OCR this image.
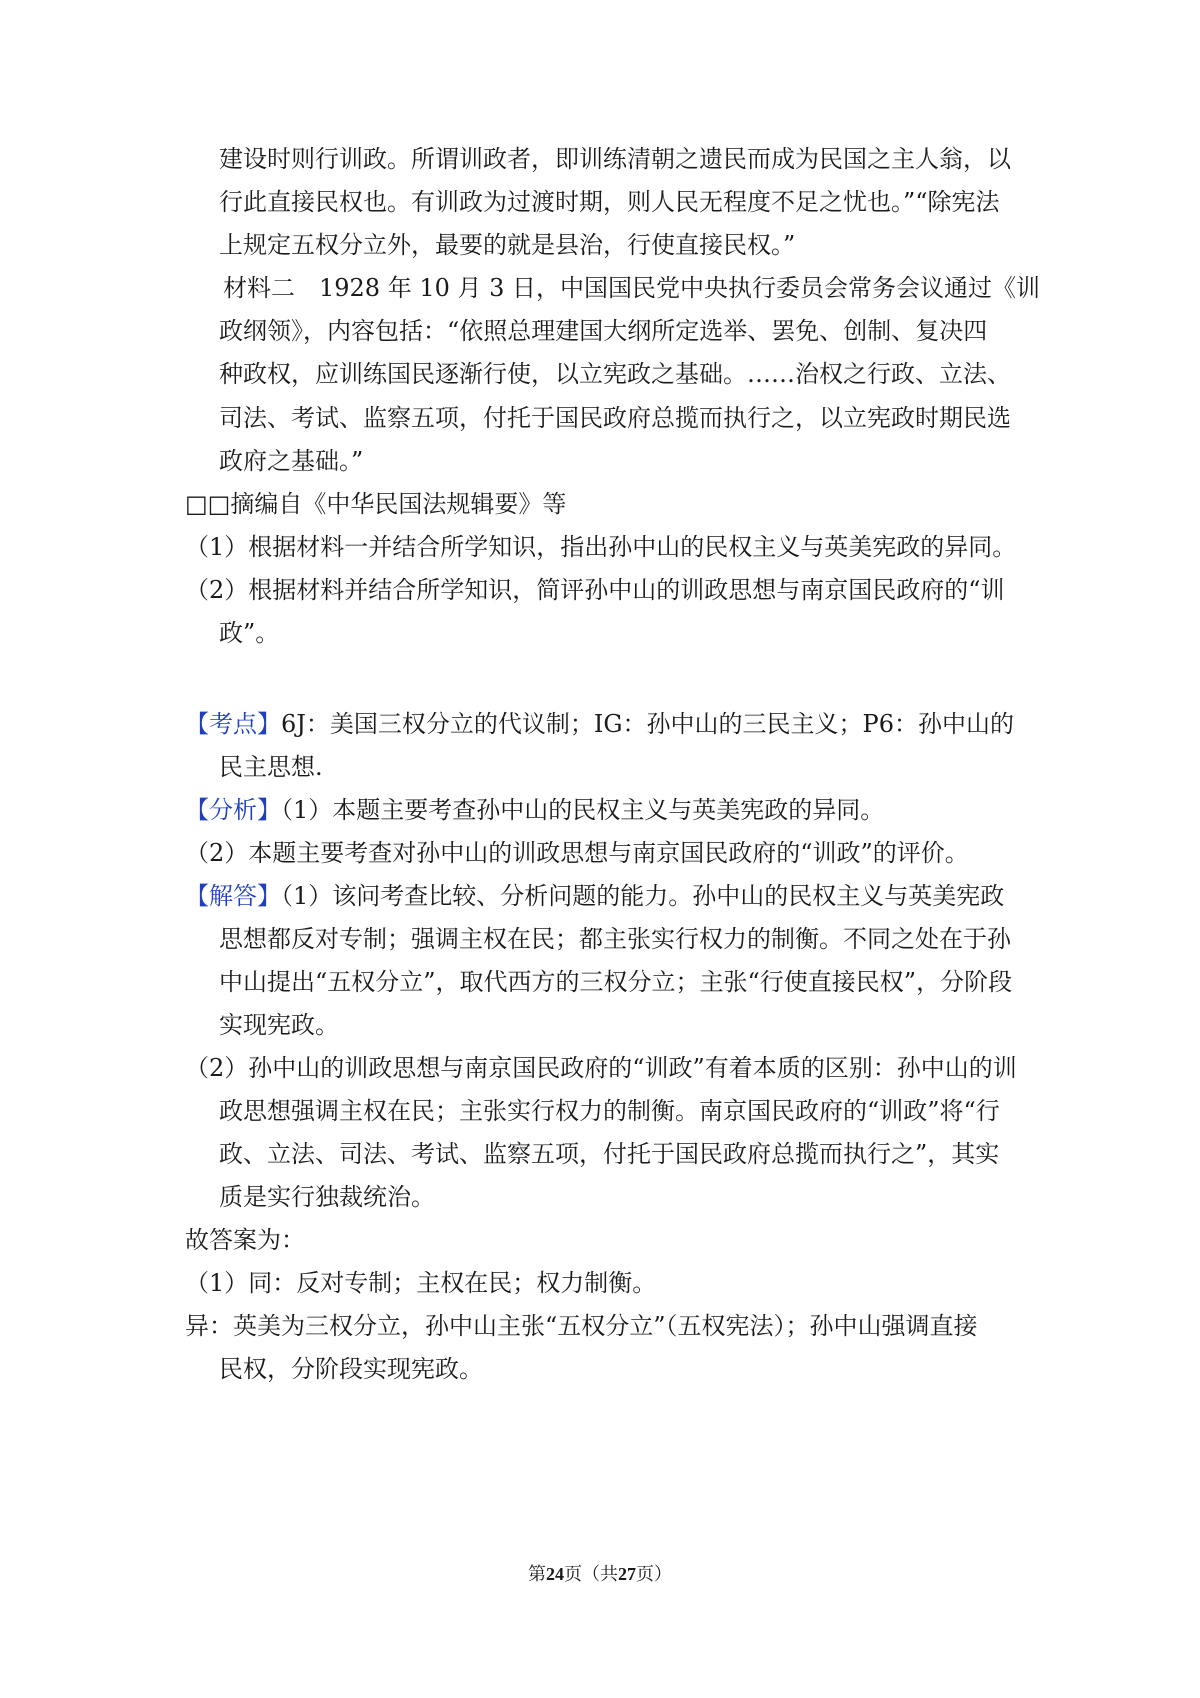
建设时则行训政。所谓训政者，即训练清朝之遗民而成为民国之主人翁，以
行此直接民权也。有训政为过渡时期，则人民无程度不足之忧也。”“除宪法
上规定五权分立外，最要的就是县治，行使直接民权。”
材料二　1928 年 10 月 3 日，中国国民党中央执行委员会常务会议通过《训
政纲领》，内容包括：“依照总理建国大纲所定选举、罢免、创制、复决四
种政权，应训练国民逐渐行使，以立宪政之基础。……治权之行政、立法、
司法、考试、监察五项，付托于国民政府总揽而执行之，以立宪政时期民选
政府之基础。”
□□摘编自《中华民国法规辑要》等
（1）根据材料一并结合所学知识，指出孙中山的民权主义与英美宪政的异同。
（2）根据材料并结合所学知识，简评孙中山的训政思想与南京国民政府的“训
政”。
【考点】6J：美国三权分立的代议制；IG：孙中山的三民主义；P6：孙中山的
民主思想.
【分析】（1）本题主要考查孙中山的民权主义与英美宪政的异同。
（2）本题主要考查对孙中山的训政思想与南京国民政府的“训政”的评价。
【解答】（1）该问考查比较、分析问题的能力。孙中山的民权主义与英美宪政
思想都反对专制；强调主权在民；都主张实行权力的制衡。不同之处在于孙
中山提出“五权分立”，取代西方的三权分立；主张“行使直接民权”，分阶段
实现宪政。
（2）孙中山的训政思想与南京国民政府的“训政”有着本质的区别：孙中山的训
政思想强调主权在民；主张实行权力的制衡。南京国民政府的“训政”将“行
政、立法、司法、考试、监察五项，付托于国民政府总揽而执行之”，其实
质是实行独裁统治。
故答案为：
（1）同：反对专制；主权在民；权力制衡。
异：英美为三权分立，孙中山主张“五权分立”（五权宪法）；孙中山强调直接
民权，分阶段实现宪政。
第24页（共27页）
